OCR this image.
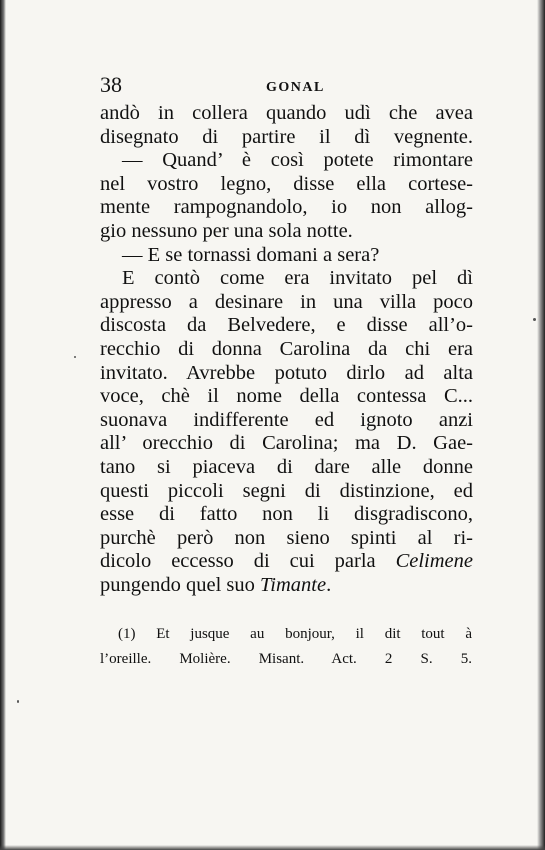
38	GONAL
andò in collera quando udì che avea
disegnato di partire il dì vegnente.
— Quand’ è così potete rimontare
nel vostro legno, disse ella cortese-
mente rampognandolo, io non allog-
gio nessuno per una sola notte.
— E se tornassi domani a sera?
E contò come era invitato pel dì
appresso a desinare in una villa poco
discosta da Belvedere, e disse all’o-
recchio di donna Carolina da chi era
invitato. Avrebbe potuto dirlo ad alta
voce, chè il nome della contessa C...
suonava indifferente ed ignoto anzi
all’ orecchio di Carolina; ma D. Gae-
tano si piaceva di dare alle donne
questi piccoli segni di distinzione, ed
esse di fatto non li disgradiscono,
purchè però non sieno spinti al ri-
dicolo eccesso di cui parla Celimene
pungendo quel suo Timante.
(1) Et jusque au bonjour, il dit tout à
l’oreille. Molière. Misant. Act. 2 S. 5.
